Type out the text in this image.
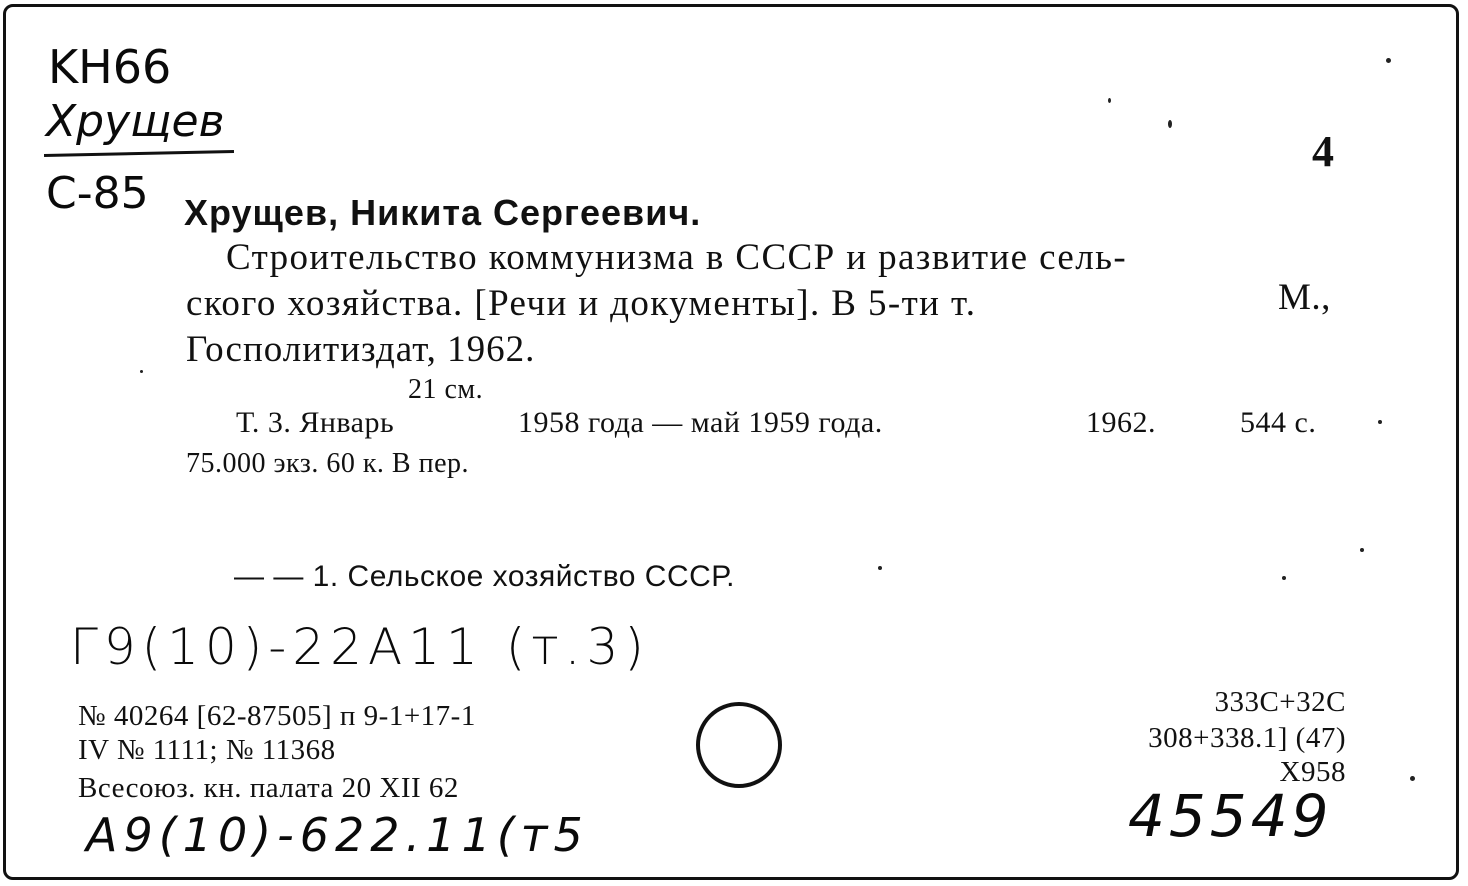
KH66
Хрущев
C-85
4
Хрущев, Никита Сергеевич.
Строительство коммунизма в СССР и развитие сель-
ского хозяйства. [Речи и документы]. В 5-ти т.	М.,
Госполитиздат, 1962.
21 см.
Т. 3. Январь	1958 года — май 1959 года.	1962.	544 с.
75.000 экз. 60 к. В пер.
— — 1. Сельское хозяйство СССР.
Г9(10)-22А11 (т.3)
№ 40264 [62-87505] п 9-1+17-1
IV № 1111; № 11368
Всесоюз. кн. палата 20 XII 62
333С+32С
308+338.1] (47)
Х958
А9(10)-622.11(т5	45549
